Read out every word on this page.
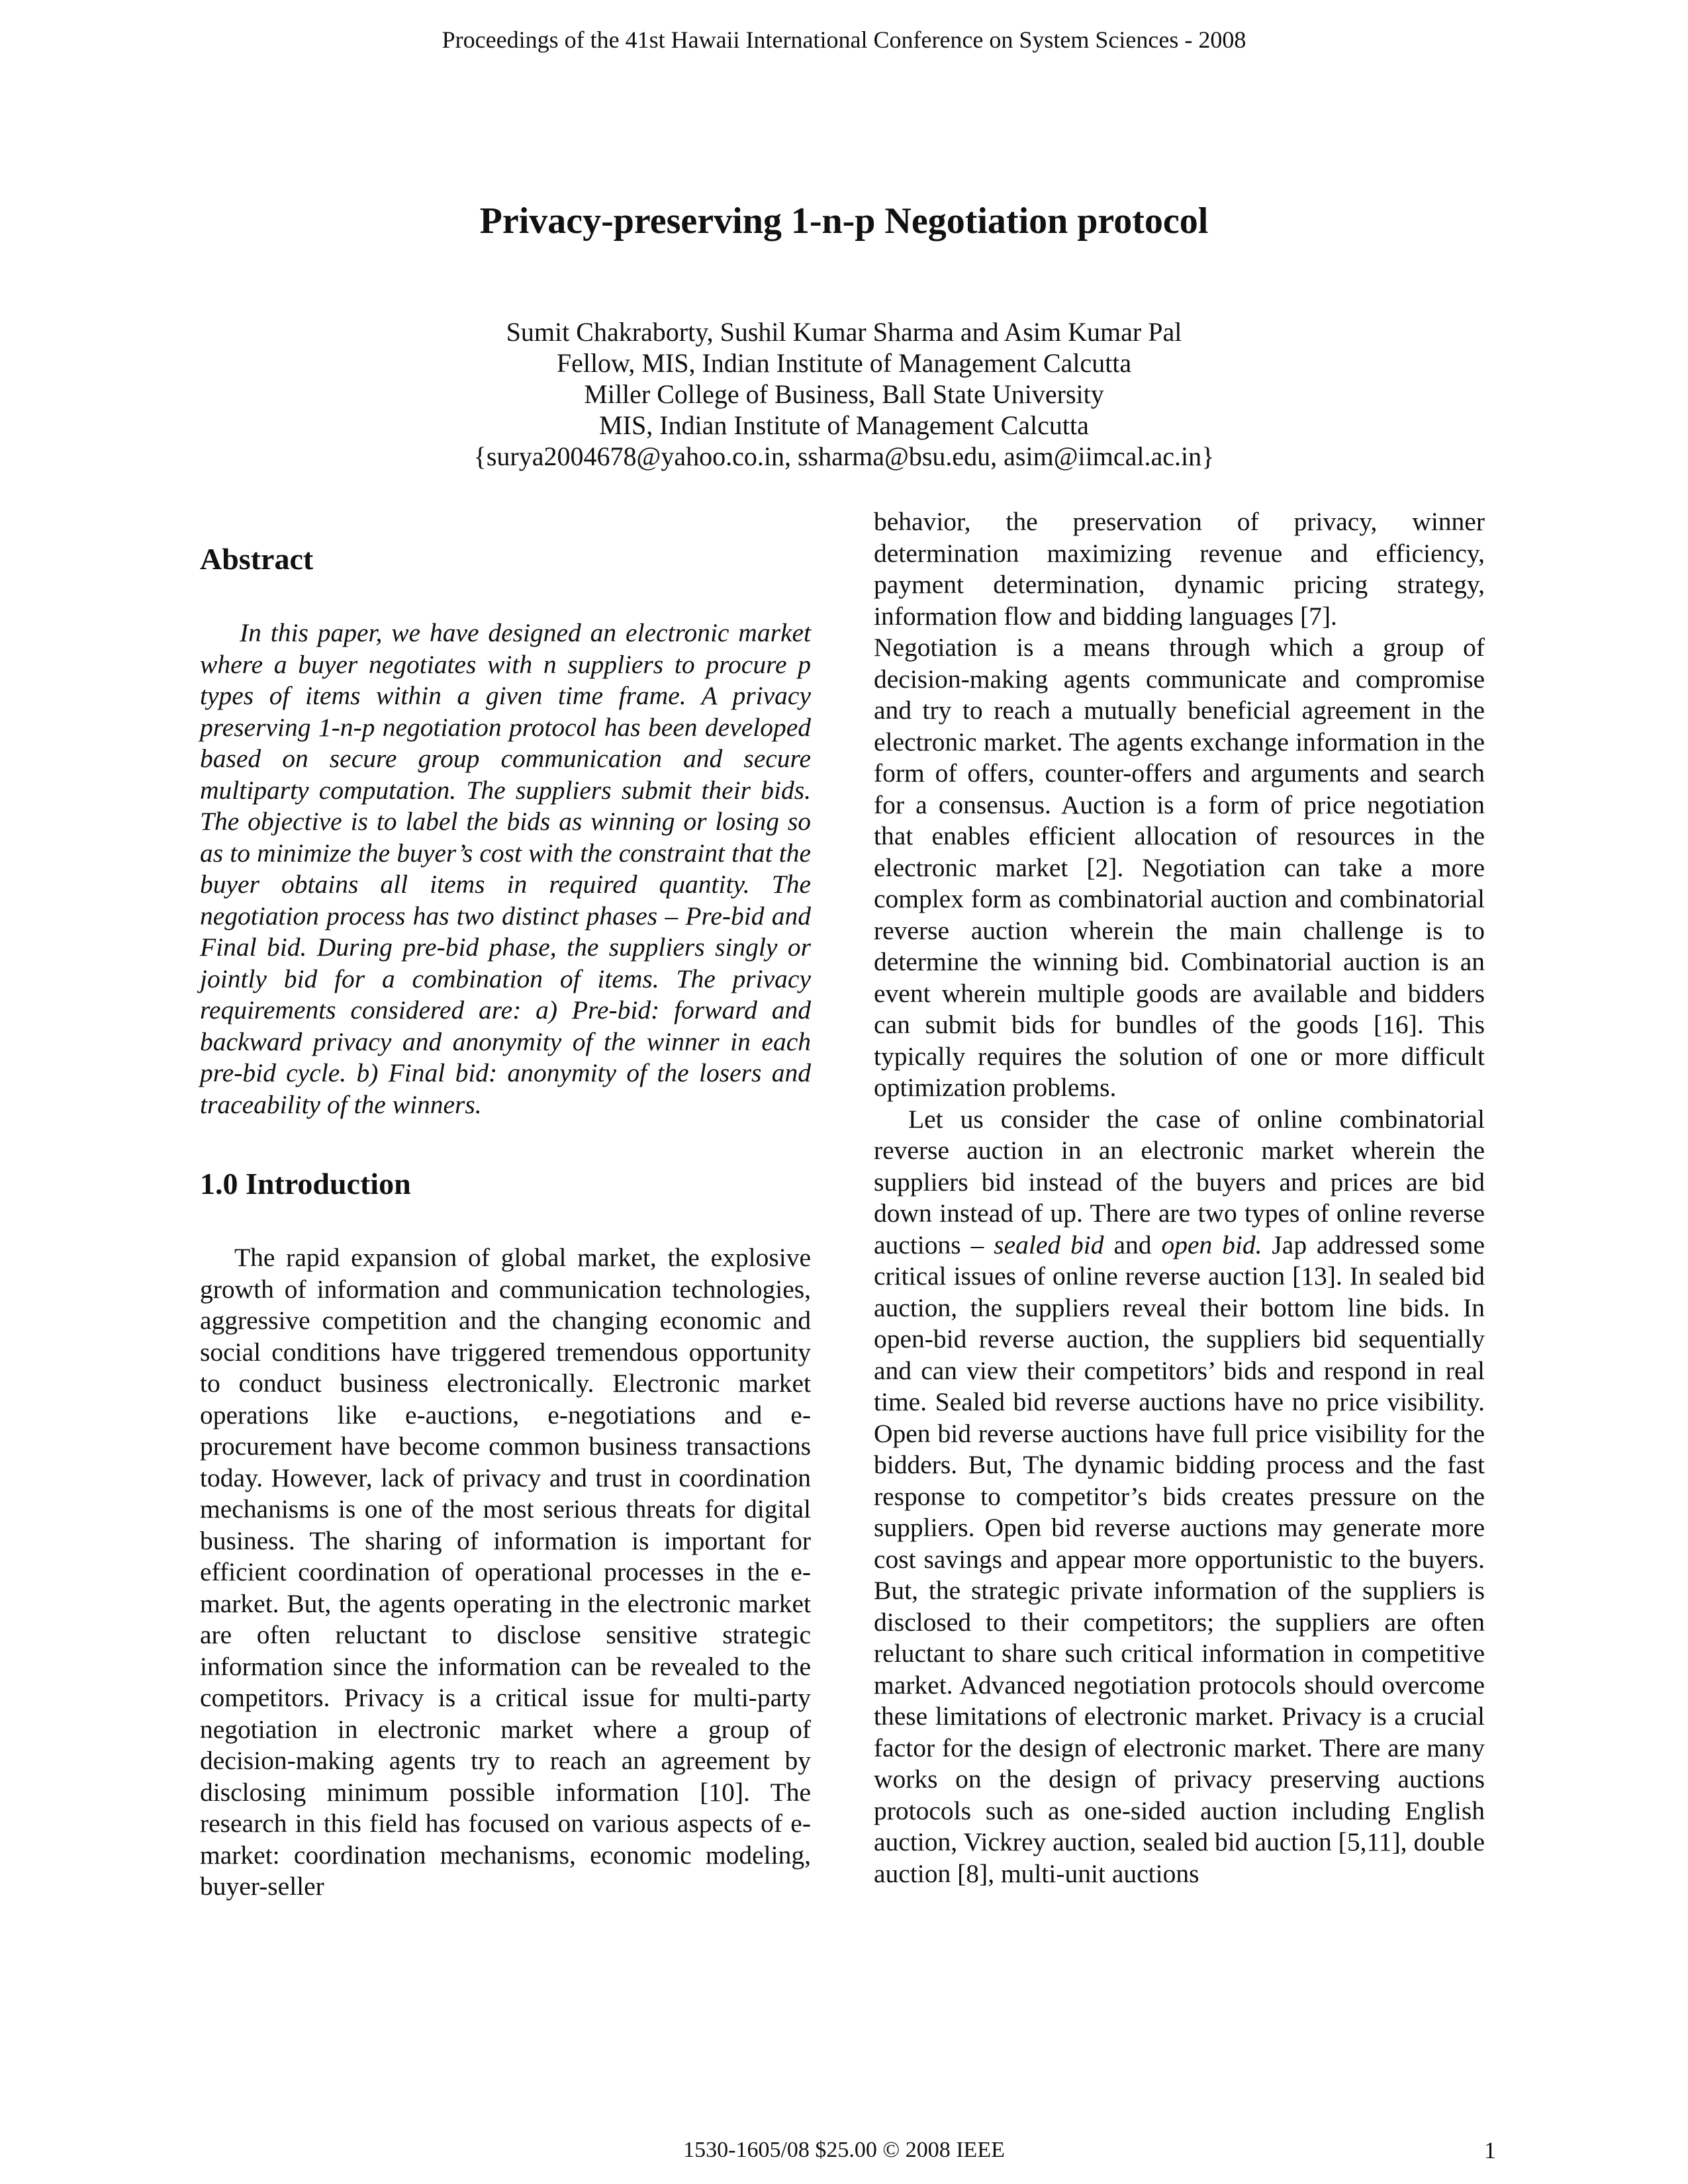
Proceedings of the 41st Hawaii International Conference on System Sciences - 2008
Privacy-preserving 1-n-p Negotiation protocol
Sumit Chakraborty, Sushil Kumar Sharma and Asim Kumar Pal
Fellow, MIS, Indian Institute of Management Calcutta
Miller College of Business, Ball State University
MIS, Indian Institute of Management Calcutta
{surya2004678@yahoo.co.in, ssharma@bsu.edu, asim@iimcal.ac.in}
Abstract

In this paper, we have designed an electronic market where a buyer negotiates with n suppliers to procure p types of items within a given time frame. A privacy preserving 1-n-p negotiation protocol has been developed based on secure group communication and secure multiparty computation. The suppliers submit their bids. The objective is to label the bids as winning or losing so as to minimize the buyer’s cost with the constraint that the buyer obtains all items in required quantity. The negotiation process has two distinct phases – Pre-bid and Final bid. During pre-bid phase, the suppliers singly or jointly bid for a combination of items. The privacy requirements considered are: a) Pre-bid: forward and backward privacy and anonymity of the winner in each pre-bid cycle. b) Final bid: anonymity of the losers and traceability of the winners.

1.0 Introduction

The rapid expansion of global market, the explosive growth of information and communication technologies, aggressive competition and the changing economic and social conditions have triggered tremendous opportunity to conduct business electronically. Electronic market operations like e-auctions, e-negotiations and e-procurement have become common business transactions today. However, lack of privacy and trust in coordination mechanisms is one of the most serious threats for digital business. The sharing of information is important for efficient coordination of operational processes in the e-market. But, the agents operating in the electronic market are often reluctant to disclose sensitive strategic information since the information can be revealed to the competitors. Privacy is a critical issue for multi-party negotiation in electronic market where a group of decision-making agents try to reach an agreement by disclosing minimum possible information [10]. The research in this field has focused on various aspects of e-market: coordination mechanisms, economic modeling, buyer-seller

behavior, the preservation of privacy, winner determination maximizing revenue and efficiency, payment determination, dynamic pricing strategy, information flow and bidding languages [7].

Negotiation is a means through which a group of decision-making agents communicate and compromise and try to reach a mutually beneficial agreement in the electronic market. The agents exchange information in the form of offers, counter-offers and arguments and search for a consensus. Auction is a form of price negotiation that enables efficient allocation of resources in the electronic market [2]. Negotiation can take a more complex form as combinatorial auction and combinatorial reverse auction wherein the main challenge is to determine the winning bid. Combinatorial auction is an event wherein multiple goods are available and bidders can submit bids for bundles of the goods [16]. This typically requires the solution of one or more difficult optimization problems.

Let us consider the case of online combinatorial reverse auction in an electronic market wherein the suppliers bid instead of the buyers and prices are bid down instead of up. There are two types of online reverse auctions – sealed bid and open bid. Jap addressed some critical issues of online reverse auction [13]. In sealed bid auction, the suppliers reveal their bottom line bids. In open-bid reverse auction, the suppliers bid sequentially and can view their competitors’ bids and respond in real time. Sealed bid reverse auctions have no price visibility. Open bid reverse auctions have full price visibility for the bidders. But, The dynamic bidding process and the fast response to competitor’s bids creates pressure on the suppliers. Open bid reverse auctions may generate more cost savings and appear more opportunistic to the buyers. But, the strategic private information of the suppliers is disclosed to their competitors; the suppliers are often reluctant to share such critical information in competitive market. Advanced negotiation protocols should overcome these limitations of electronic market. Privacy is a crucial factor for the design of electronic market. There are many works on the design of privacy preserving auctions protocols such as one-sided auction including English auction, Vickrey auction, sealed bid auction [5,11], double auction [8], multi-unit auctions

1530-1605/08 $25.00 © 2008 IEEE	1
